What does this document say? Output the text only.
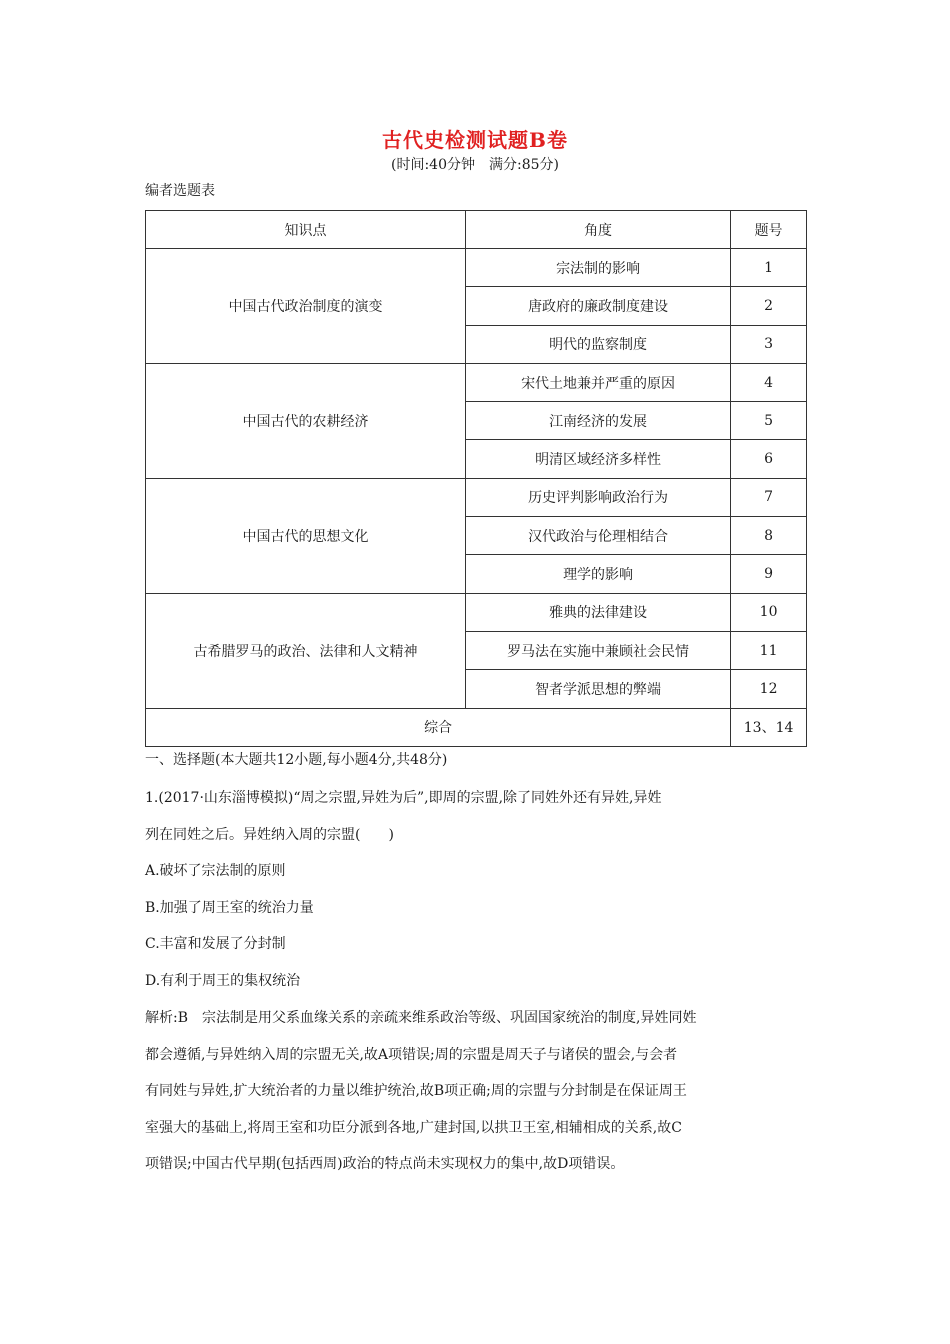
古代史检测试题B卷
(时间:40分钟　满分:85分)
编者选题表
知识点	角度	题号
中国古代政治制度的演变	宗法制的影响	1
	唐政府的廉政制度建设	2
	明代的监察制度	3
中国古代的农耕经济	宋代土地兼并严重的原因	4
	江南经济的发展	5
	明清区域经济多样性	6
中国古代的思想文化	历史评判影响政治行为	7
	汉代政治与伦理相结合	8
	理学的影响	9
古希腊罗马的政治、法律和人文精神	雅典的法律建设	10
	罗马法在实施中兼顾社会民情	11
	智者学派思想的弊端	12
综合		13、14
一、选择题(本大题共12小题,每小题4分,共48分)

1.(2017·山东淄博模拟)“周之宗盟,异姓为后”,即周的宗盟,除了同姓外还有异姓,异姓

列在同姓之后。异姓纳入周的宗盟(　　)

A.破坏了宗法制的原则

B.加强了周王室的统治力量

C.丰富和发展了分封制

D.有利于周王的集权统治

解析:B　宗法制是用父系血缘关系的亲疏来维系政治等级、巩固国家统治的制度,异姓同姓

都会遵循,与异姓纳入周的宗盟无关,故A项错误;周的宗盟是周天子与诸侯的盟会,与会者

有同姓与异姓,扩大统治者的力量以维护统治,故B项正确;周的宗盟与分封制是在保证周王

室强大的基础上,将周王室和功臣分派到各地,广建封国,以拱卫王室,相辅相成的关系,故C

项错误;中国古代早期(包括西周)政治的特点尚未实现权力的集中,故D项错误。
